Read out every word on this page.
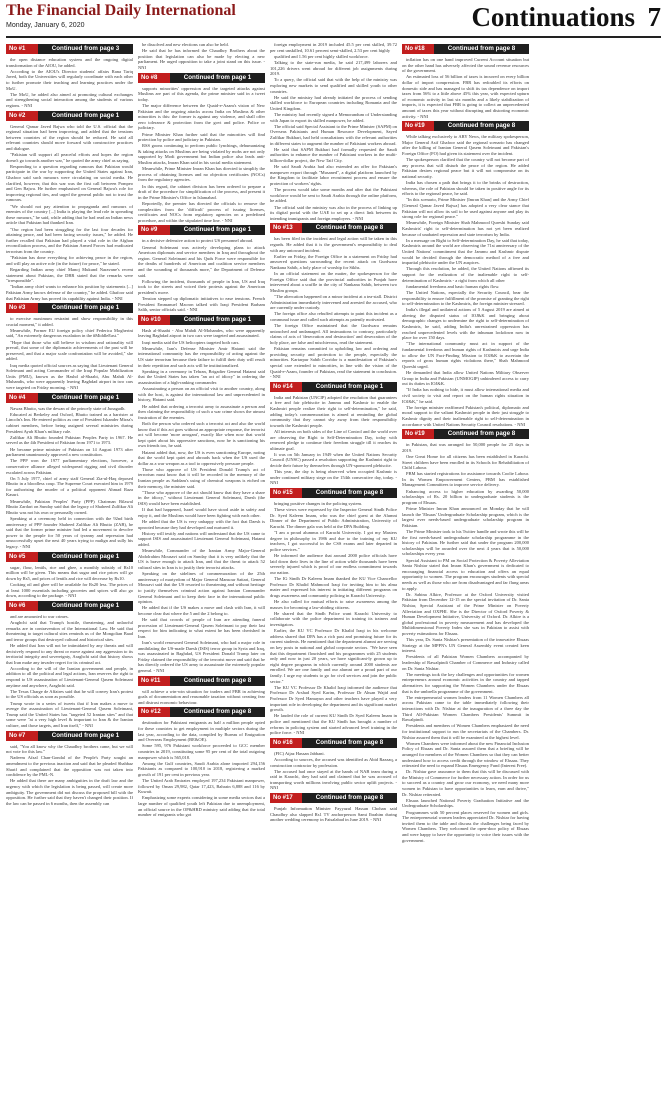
The Financial Daily International
Monday, January 6, 2020	Continuations 7
No #1	Continued from page 3

the open distance education system and the ongoing digital transformation of the AIOU, he added.

According to the AIOU's Director students' affairs Rana Tariq Javed, both the Universities will regularly coordinate with each other to further promote their teaching and learning practices under the MoU.

The MoU, he added also aimed at promoting cultural exchanges and strengthening social interaction among the students of various regions. - NNI

No #2	Continued from page 1

General Qamar Javed Bajwa who told the U.S. official that the regional situation had been improving, and added that the tensions between countries of the region should be reduced. He said all relevant countries should move forward with constructive practices and dialogue.

"Pakistan will support all peaceful efforts and hopes the region doesn't go towards another war," he quoted the army chief as saying.

Responding to a question regarding rumours that Pakistan would participate in the war by supporting the United States against Iran, Ghafoor said such rumours were circulating on social media. He clarified, however, that this war was the first call between Pompeo and Gen Bajwa. He further emphasised on General Bajwa's role for improving regional ties, and urged the general public not to trust the rumours.

"We should not pay attention to propaganda and rumours of enemies of the country [...] India is playing the lead role in spreading these rumours," he said, while adding that he had read an Indian news article that Pakistan had thanked Iran.

"Our region had been struggling for the last four decades for attaining peace, and had been facing security issues," he added. He further recalled that Pakistan had played a vital role in the Afghan reconciliation process, and the Pakistan Armed Forces had eradicated terrorism from the country.

"Pakistan has done everything for achieving peace in the region, and will play an active role (in the future) for peace," he stated.

Regarding Indian army chief Manoj Mukund Naravane's recent statement about Pakistan, the DBR stated that the remarks were "irresponsible".

"Indian army chief wants to enhance his position by statements [...] Pakistan Army knows defense of the country," he added. Ghafoor said that Pakistan Army has proved its capability against India. - NNI

No #3	Continued from page 1

to exercise maximum restraint and show responsibility in this crucial moment," it added.

Meanwhile, Former EU foreign policy chief Federica Mogherini said, "An extremely dangerous escalation in the #MiddleEast."

"Hope that those who still believe in wisdom and rationality will prevail, that some of the diplomatic achievements of the past will be preserved, and that a major scale confrontation will be avoided," she added.

Iraq media quoted official sources as saying that Lieutenant General Soleimani and acting Commander of the Iraqi Popular Mobilization Units (PMU), known as the Hashd al-Shaabi, Abu Mahdi Al-Muhandis, who were apparently leaving Baghdad airport in two cars were targeted on Friday morning. - NNI

No #4	Continued from page 1

Nawaz Bhutto, was the dewan of the princely state of Junagadh.

Educated at Berkeley and Oxford, Bhutto trained as a barrister at Lincoln's Inn. He entered politics as one of President Iskander Mirza's cabinet members, before being assigned several ministries during President Ayub Khan's military rule.

Zulfikar Ali Bhutto founded Pakistan Peoples Party in 1967. He served as the 4th President of Pakistan from 1971 to 1973.

He became prime minister of Pakistan on 14 August 1973 after parliament unanimously approved a new constitution.

The PPP won the 1977 parliamentary elections, however, a conservative alliance alleged widespread rigging and civil disorder escalated across Pakistan.

On 5 July 1977, chief of army staff General Zia-ul-Haq deposed Bhutto in a bloodless coup. The Supreme Court executed him in 1979 for authorising the murder of a political opponent Ahmad Raza Kasuri.

Meanwhile, Pakistan Peoples' Party (PPP) Chairman Bilawal Bhutto Zardari on Sunday said that the legacy of Shaheed Zulfikar Ali Bhutto was not his own or personally owned.

Speaking at a ceremony held in connection with the 92nd birth anniversary of PPP founder Shaheed Zulfikar Ali Bhutto (ZAB), he said that the former prime minister had led a movement to devolve power to the people for 50 years of tyranny and repression had unsuccessfully upset the nest 40 years trying to malign and sully his legacy. - NNI

No #5	Continued from page 1

sugar, flour, lentils, rice and ghee, a monthly subsidy of Rs10 million will be given. This means that sugar and rice prices will go down by Rs5, and prices of lentils and rice will decrease by Rs10.

Cooking oil and ghee will be available for Rs20 less. The prices of at least 1000 essentials including groceries and spices will also go down, according to the package. - NNI

No #6	Continued from page 1

and are amounted to war crimes.

Araghchi said that Trump's hostile, threatening, and unlawful remarks are in contravention of the International Law. He said that threatening to target cultural sites reminds us of the Mongolian Baad and terror groups that destroyed cultural and historical sites.

He added that Iran will not be intimidated by any threats and will decisively respond to any threat or move against any aggression to its territorial integrity and sovereignty, Araghchi said that history shows that Iran make any invader regret for its criminal act.

According to the will of the Iranian government and people, in addition to all the political and legal actions, Iran reserves the right to respond to US assassination of Lieutenant-General Qasem Soleimani anytime and anywhere, Araghchi said.

The Texas Charge de Affaires said that he will convey Iran's protest to the US officials as soon as possible.

Trump wrote in a series of tweets that if Iran makes a move to avenge the assassination of Lieutenant-General Qasem Soleimani, Trump said the United States has "targeted 52 Iranian sites" and that some were "at a very high level & important to Iran & the Iranian culture, and those targets, and Iran itself," - NNI

No #7	Continued from page 1

said, "You all know why the Chaudhry brothers came, but we will not vote for this law."

Nadeem Afzal Chan-Gondal of the People's Party sought an amendment to the previous inaction and said that he pleaded Shahbaz Sharif and complained that the opposition was not taken into confidence by the PML-N.

He added that there are many ambiguities in the draft law and the urgency with which the legislation is being passed, will create more ambiguity. The government did not discuss the proposed bill with the opposition. He further said that they haven't changed their position. If the law can be passed in 6 months, then the assembly can

be dissolved and new elections can also be held.

He said that he has informed the Chaudhry Brothers about the position that legislation can also be made by electing a new parliament. He urged opposition to take a joint stand on this issue. - NNI

No #8	Continued from page 1

supports minorities' oppression and the targeted attacks against Muslims are part of this agenda, the prime minister said in a tweet today.

The major difference between the Quaid-e-Azam's vision of New Pakistan and the ongoing attacks across India on Muslims & other minorities is this: the former is against any violence, and shall offer zero tolerance & protection from the govt and police. Police or judiciary.

Prime Minister Khan further said that the minorities will find protection by police and judiciary in Pakistan.

RSS goons continuing to perform public lynchings, dehumanizing & taking attacks on Muslims are being violated by mobs are not only supported by Modi government but Indian police also leads anti-Muslim attacks, Imran Khan said in his social media statement.

Meanwhile, Prime Minister Imran Khan has directed to simplify the process of obtaining licenses and no objection certificates (NOCs) from the regulatory agencies.

In this regard, the cabinet division has been ordered to prepare a draft of the procedure for simplification of the process, and present it in the Prime Minister's Office in Islamabad.

Reportedly, the premier has directed the officials to remove the complexities from the 'difficult' process of issuing licenses, certificates and NOCs from regulatory agencies on a predefined procedure, and within the stipulated time line. - NNI

No #9	Continued from page 1

in a decisive defensive action to protect US personnel abroad.

General Soleimani was actively developing plans to attack American diplomats and service members in Iraq and throughout the region. General Soleimani and his Quds Force were responsible for the deaths of hundreds of American and coalition service members and the wounding of thousands more," the Department of Defense said.

Following the incident, thousands of people in Iran, US and Iraq took to the streets and voiced their protests against the American president's move.

Tension stepped up diplomatic initiatives to ease tensions. French President Emmanuel Macron talked with Iraqi President Barham Salih, senior officials said. - NNI

No #10	Continued from page 1

Hash al-Shaabi - Abu Mahdi Al-Mohandes, who were apparently leaving Baghdad airport in two cars were targeted and assassinated.

Iraqi media said the US helicopters targeted both cars.

Meanwhile, Iran's Defense Minister Amir Hatami said the international community has the responsibility of acting against the US state terrorism because their failure to fulfill their duty will result in their repetition and such acts will be institutionalized.

Speaking in a ceremony in Tehran, Brigadier General Hatami said that the United States has taken "an act of idiocy" in ordering the assassination of a high-ranking commander.

Assassinating a person on an official visit to another country, along with the host, is against the international law and unprecedented in history, Hatami said.

He added that ordering a terrorist army to assassinate a person and then claiming the responsibility of such a war crime shows the utmost frustration of the enemies.

Both the person who ordered such a terrorist act and also the world know that if this act goes without an appropriate response, the terrorist act will become 'more arrogant', exactly like when now that world kept quiet about his oppressive sanctions, now he is sanctioning his own friends too, he said.

Hatami added that, now, the US is even sanctioning Europe, noting that the world kept quiet and abroads back when the US used the dollar as a war weapon as a tool to oppressively pressure people.

Those who approve of US President Donald Trump's act of terrorism must know that it will be recorded in the memory of the Iranian people as Saddam's using of chemical weapons is etched on their memory, the minister said.

"Those who approve of the act should know that they have a share in the idiocy," without Lieutenant General Soleimani, Daesh (the ISIS) would have been established.

If that had happened, Israel would have stood aside in safety and enjoy it, and the Muslims would have been fighting with each other.

He added that the US is very unhappy with the fact that Daesh is uprooted because they had developed and nurtured it.

History will testify and nations will understand that the US came to support ISIS and assassinated Lieutenant General Soleimani, Hatami added.

Meanwhile, Commander of the Iranian Army Major-General Abdolrahim Mousavi said on Sunday that it is very unlikely that the US is brave enough to attack Iran, and that the threat to attack 52 cultural sites in Iran is to justify their terrorist attacks.

Speaking on the sidelines of commemoration of the 25th anniversary of martyrdom of Major General Mansour Sattari, General Mousavi said that the US resorted to threatening and without heritage to justify themselves criminal action against Iranian Commander General Soleimani and to keep their face in the international public opinion.

He added that if the US makes a move and clash with Iran, it will become clear that where the 5 and the 2 belong to.

He said that crowds of people of Iran are attending funeral procession of Lieutenant-General Qasem Soleimani to pay their last respect for him indicating to what extent he has been cherished in Iran.

Iran's world renowned General Soleimani, who had a major role in annihilating the US-made Daesh (ISIS) terror group in Syria and Iraq, was assassinated in Baghdad, US President Donald Trump later on Friday claimed the responsibility of the terrorist move and said that he has directly ordered the US army to assassinate the extremely popular general. - NNI

No #11	Continued from page 8

will achieve a win-win situation for traders and FBR in achieving goals of documentation and reasonable taxation without creating fear and distrust economic behaviour.

No #12	Continued from page 8

destination for Pakistani emigrants as half a million people opted for these countries to get employment in multiple sectors during the last year, according to the data, compiled by Bureau of Emigration and Overseas Employment (BE&OE).

Some 595, 976 Pakistani workforce proceeded to GCC member countries in 2019, constituting some 95 per cent of the total outgoing manpower which is 565,018.

Among the Gulf countries, Saudi Arabia alone imported 294,156 Pakistanis as compared to 100,910 in 2018, registering a marked growth of 191 per cent in previous year.

The United Arab Emirates employed 197,234 Pakistani manpower, followed by Oman 29,982, Qatar 17,423, Bahrain 6,888 and 116 by Kuwait.

Emphasizing some experts considering in some media sectors that a large number of qualified youth left Pakistan due to unemployment, an official source in the OP&HRD ministry said adding that the total number of emigrants who got

foreign employment in 2019 included 45.5 per cent skilled, 39.72 per cent unskilled, 10.61 percent semi-skilled, 2.53 per cent highly

qualified and 1.56 per cent highly skilled workforce.

Talking to the state-run media, he said 217,499 laborers and 101,226 drivers went abroad for different job assignments during 2019.

To a query, the official said that with the help of the ministry was exploring new markets to send qualified and skilled youth to other countries.

He said the ministry had already initiated the process of sending skilled workforce to European countries including Romania and the United Kingdom.

The ministry had recently signed a Memorandum of Understanding with Japan to export its skilled manpower, he added.

The official said Special Assistant to the Prime Minister (SAPM) on Overseas Pakistanis and Human Resource Development, Sayed Zulfikar Bukhari, had held consultations with the relevant authorities in different states to augment the number of Pakistani workers abroad.

He said that SAPM Bukhari had formally requested the Saudi authorities to enhance the number of Pakistani workers in the multi-billion-dollar project, the New Taif City.

He said Saudi Arabia had also extended an offer for Pakistan's manpower export through "Musaned", a digital platform launched by the Kingdom to facilitate labor recruitment process and ensure the protection of workers' rights.

The process would take some months and after that the Pakistani workforce would be sent to Saudi Arabia through the online platform, he added.

The official said the ministry was also in the process of linking up its digital portal with the UAE to set up a direct link between its intending immigrants and foreign employers. - NNI

No #13	Continued from page 8

has been filed in the incident and legal action will be taken in this regards. He added that it is the government's responsibility to deal with any untoward incident.

Earlier on Friday, the Foreign Office in a statement on Friday had answered questions surrounding the recent attack on Gurdwara Nankana Sahib, a holy place of worship for Sikhs.

In an official statement on the matter, the spokesperson for the Foreign Office said that the provincial authorities in Punjab have intervened about a scuffle in the city of Nankana Sahib, between two Muslim groups.

"The altercation happened on a minor incident at a tea-stall. District Administration immediately intervened and arrested the accused, who are currently under custody.

The foreign office also rebuffed attempts to paint this incident as a communal issue and called such attempts as patently motivated.

The foreign Office maintained that the Gurdwara remains untouched and undamaged. All insinuations to contrary, particularly claims of acts of 'desecration and destruction' and desecration of the holy place, are false and mischievous, read the statement.

Pakistan remains committed to upholding law and ordering and providing security and protection to the people, especially the minorities. Kartarpur Sahib Corridor is a manifestation of Pakistan's special care extended to minorities, in line with the vision of the Quaid-e-Azam, founder of Pakistan, read the statement in conclusion. - NNI

No #14	Continued from page 1

India and Pakistan (UNCIP) adopted the resolution that guarantees a free and fair plebiscite in Jammu and Kashmir to enable the Kashmiri people realize their right to self-determination," he said, adding today's commemoration is aimed at reminding the global community that they cannot shy away from their responsibility towards the Kashmiri people.

All interests on both sides of the Line of Control and the world over are observing the Right to Self-Determination Day, today with renewed pledge to continue their freedom struggle till it reaches its ultimate goal.

It was on 5th January in 1949 when the United Nations Security Council (UNSC) passed a resolution supporting the Kashmiri right to decide their future by themselves through UN-sponsored plebiscite.

This year, the day is being observed when occupied Kashmir is under continued military siege on the 154th consecutive day, today. - NNI

No #15	Continued from page 8

bringing positive changes in the policing system.

These views were expressed by the Inspector General Sindh Police Dr. Syed Kaleem Imam, who was the chief guest at the Alumni Dinner of the Department of Public Administration, University of Karachi. The dinner gala was held at the DPA Building.

"I am a proud alumnus of Karachi University. I got my Masters degree in philosophy in 1986 and due to the training of my KU teachers, I got successful in the CSS exams and later departed in police services."

He informed the audience that around 2000 police officials have laid down their lives in the line of action while thousands have been severely injured which is proof of our endless commitment towards our nation.

The IG Sindh Dr Kaleem Imam thanked the KU Vice Chancellor Professor Dr Khalid Mahmood Iraqi for inviting him to his alma mater and expressed his interest in initiating different programs on drugs awareness and community policing in Karachi University.

He also called for mutual efforts to raise awareness among the masses for becoming a law-abiding citizens.

He shared that the Sindh Police want Karachi University to collaborate with the police department in training its trainers and investigators.

Earlier, the KU VC Professor Dr Khalid Iraqi in his welcome address shared that DPA has a rich past and promising future for its current students. He mentioned that the department alumni are serving on key posts in national and global corporate sectors. "We have seen that this department flourished and his programmes with 25 students only and now in just 20 years, we have significant-ly grown up to eight degree programs in which currently around 2000 students are enrolled. We are one family and our alumni are a proud part of our family. I urge my students to go for civil services and join the public sector."

The KU VC Professor Dr Khalid Iraqi informed the audience that Professor Dr Arshad Syed Karim, Professor Dr Ahsan Wajid and Professor Dr Syed Hamayun and other teachers have played a very important role in developing the department and its significant market growth.

He lauded the role of current KU Sindh Dr Syed Kaleem Imam in police and mentioned that the KU Sindh has brought a number of reforms in policing system and started advanced level training in the police force. - NNI

No #16	Continued from page 8

(FIC) Aijaz Hassan Jabbani.

According to sources, the accused was identified as Abid Razzaq, a construction contractor by profession.

The accused had once stayed at the hands of NAB team during a raid in Karachi, they had said and claimed that he was accused of transporting worth millions involving public sector uplift projects. - NNI

No #17	Continued from page 8

Punjab Information Minister Fayyazul Hassan Chohan said Chaudhry also slapped Rs1 TV anchorperson Sami Ibrahim during another wedding ceremony in Faisalabad in June 2019. - NNI

No #18	Continued from page 8

inflation has on one hand improved Current Account situation but on the other hand has adversely affected the sound revenue resources of the government.

An estimated loss of 56 billion of taxes is incurred on every billion dollar of import compression. FBR has redoubled its efforts on domestic side and has managed to shift its tax dependence on import taxes from 56% to a little above 45% this year, with expected upturn of economic activity in last six months and a likely stabilization of imports, it is expected that FBR is going to collect an unprecedented amount of taxes this year without disrupting and distorting economic activity. - NNI

No #19	Continued from page 8

While talking exclusively to ARY News, the military spokesperson, Major General Asif Ghafoor said the regional scenario has changed after the killing of Iranian General Qasem Soleimani and Pakistan's Foreign Office (FO) had given its statement over the incident.

The spokesperson clarified that the country will not become part of any process that will disturb the peace of the region. He added Pakistan desires regional peace but it will not compromise on its national security.

India has chosen a path that brings it to the brinks of destruction, whereas, the role of Pakistan should be taken in positive angle for its efforts to the regional peace, he said.

"In this scenario, Prime Minister [Imran Khan] and the Army Chief [General Qamar Javed Bajwa] has adopted a very clear stance that Pakistan will not allow its soil to be used against anyone and play its strong role for regional peace."

Meanwhile, Foreign Minister Shah Mahmood Qureshi Sunday said Kashmiris' right to self-determination has not yet been realized because of unabated repression and state terrorism by India.

In a message on Right to Self-determination Day, he said that today, Kashmiris around the world are observing the 71st anniversary of the United Nations' commitment that the Jammu and Kashmir dispute would be decided through the democratic method of a free and impartial plebiscite under the UN auspices.

Through this resolution, he added, the United Nations affirmed its support for the realization of the inalienable right to self-determination of Kashmiris - a right from which all other

fundamental freedoms and basic human rights flow.

The United Nations, especially the Security Council, bear the responsibility to ensure fulfillment of the promise of granting the right to self-determination to the Kashmiris, the foreign minister stressed.

India's illegal and unilateral actions of 5 August 2019 are aimed at altering the disputed status of IOJ&K and bringing about demographic changes to undermine the right to self-determination of Kashmiris, he said, adding India's unrestrained oppression has reached unprecedented levels with the inhuman lockdown now in place for over 150 days.

"The international community must act in support of the fundamental freedoms and human rights of Kashmiris and urge India to allow the UN Fact-Finding Mission to IOJ&K to ascertain the reports of gross human rights violations there," Shah Mahmood Qureshi urged.

He demanded that India allow United Nations Military Observer Group in India and Pakistan (UNMOGIP) unhindered access to carry out its duties in IOJ&K.

"If India has nothing to hide, it must allow international media and civil society to visit and report on the human rights situation in IOJ&K," he said.

The foreign minister reaffirmed Pakistan's political, diplomatic and moral support to the valiant Kashmiri people in their just struggle to Kashmir dignity and their inalienable right to self-determination in accordance with United Nations Security Council resolutions. - NNI

No #19	Continued from page 8

in Pakistan, that was arranged for 50,000 people for 25 days in 2019.

One Great Home for all citizens has been established in Karachi. Street children have been enrolled in its Schools for Rehabilitation of Child Labour.

PBM has started registrations for assistance towards Coolie Labour. In its Women Empowerment Centers, PBM has established Management Committees to improve service delivery.

Enhancing access to higher education by awarding 50,000 scholarships of Rs. 20 billion to undergraduate students is the program of Ehsaas.

Prime Minister Imran Khan announced on Monday that he will launch the 'Ehsaas' Undergraduate Scholarship program, which is the largest ever needs-based undergraduate scholarship program in Pakistan.

The Prime Minister took to his Twitter handle and wrote this will be the first needs-based undergraduate scholarship programme in the history of Pakistan. He further said that under the program 200,000 scholarships will be awarded over the next 4 years that is 50,000 scholarships every year.

Special Assistant to PM on Social Protection & Poverty Alleviation Sania Nishtar stated that Imran Khan's government is dedicated to encouraging financial access to education and offers an equal opportunity to women. The program encourages students with special needs as well as those who are from disadvantaged and far flung areas to apply.

Dr. Sabina Alkire, Professor at the Oxford University visited Pakistan from December 12-15 on the special invitation of Dr. Sania Nishtar, Special Assistant of the Prime Minister on Poverty Alleviation and OXPHI. She is the Director of Oxford Poverty & Human Development Initiative, University of Oxford. Dr. Alkire is a global professional in poverty measurement and has developed the Multidimensional Poverty Index she was in Pakistan to assist with poverty estimations for Ehsaas.

This year, Dr. Sania Nishtar's presentation of the innovative Ehsaas Strategy at the MPPN's UN General Assembly event created keen interest.

Presidents of all Pakistan Women Chambers accompanied by leadership of Rawalpindi Chamber of Commerce and Industry called on Dr. Sania Nishtar.

The meetings took the key challenges and opportunities for women entrepreneurs around economic activities in the country and tapped alternatives for supporting the Women Chambers under the Ehsaas that is the umbrella programme of the government.

The entrepreneurial women leaders from 11 Women Chambers all across Pakistan came to the table immediately following their interactions with Dr. Nishtar at the inauguration of a three day the Third All-Pakistan Women Chambers Presidents' Summit in Rawalpindi.

Presidents and members of Women Chambers emphasized the need for institutional support to run the secretariats of the Chambers. Dr. Nishtar assured them that it will be examined at the highest level.

Women Chambers were informed about the new Financial Inclusion Policy of Ehsaas and Dr. Sania assured them that a briefing will be arranged for members of the Women Chambers so that they can better understand how to access credit through the window of Ehsaas. They reiterated the need to expand Ehsaas Emergency Fund (Interest Free).

Dr. Nishtar gave assurance to them that this will be discussed with the Ministry of Commerce for further necessary action. In order for us to succeed as a country and grow our economy, we need many more women in Pakistan to have opportunities to learn, earn and thrive," Dr. Nishtar reiterated.

Ehsaas launched National Poverty Graduation Initiative and the Undergraduate Scholarships.

Programmes with 50 percent places reserved for women and girls. The entrepreneurial women leaders appreciated Dr. Nishtar for having invited them to the table and discuss the challenges being faced by Women Chambers. They welcomed the open-door policy of Ehsaas and were happy to have the opportunity to voice their issues with the government.
